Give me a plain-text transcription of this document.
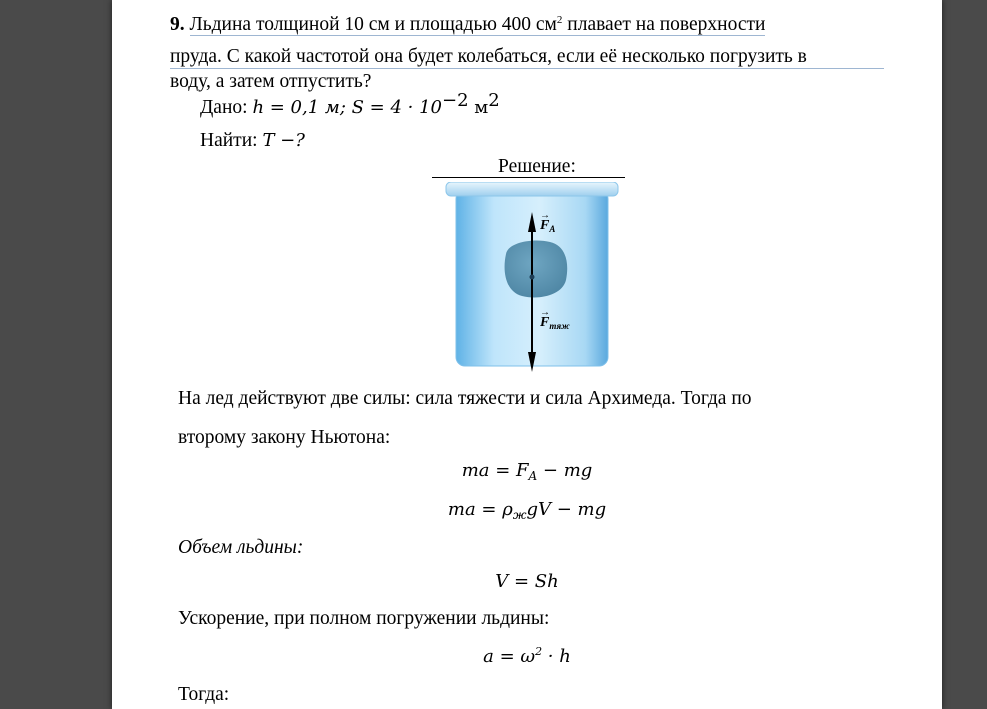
9. Льдина толщиной 10 см и площадью 400 $см^2$ плавает на поверхности
пруда. С какой частотой она будет колебаться, если её несколько погрузить в
воду, а затем отпустить?
Дано: h = 0,1 м; $S = 4 \cdot 10^{-2}$ $м^2$
Найти: T −?
Решение:
→
$F_A$
→
$F_{тяж}$
На лед действуют две силы: сила тяжести и сила Архимеда. Тогда по
второму закону Ньютона:
ma = $F_A$ − mg
ma = $\rho_жgV$ − mg
Объем льдины:
V = Sh
Ускорение, при полном погружении льдины:
$a = \omega^2 \cdot h$
Тогда:
